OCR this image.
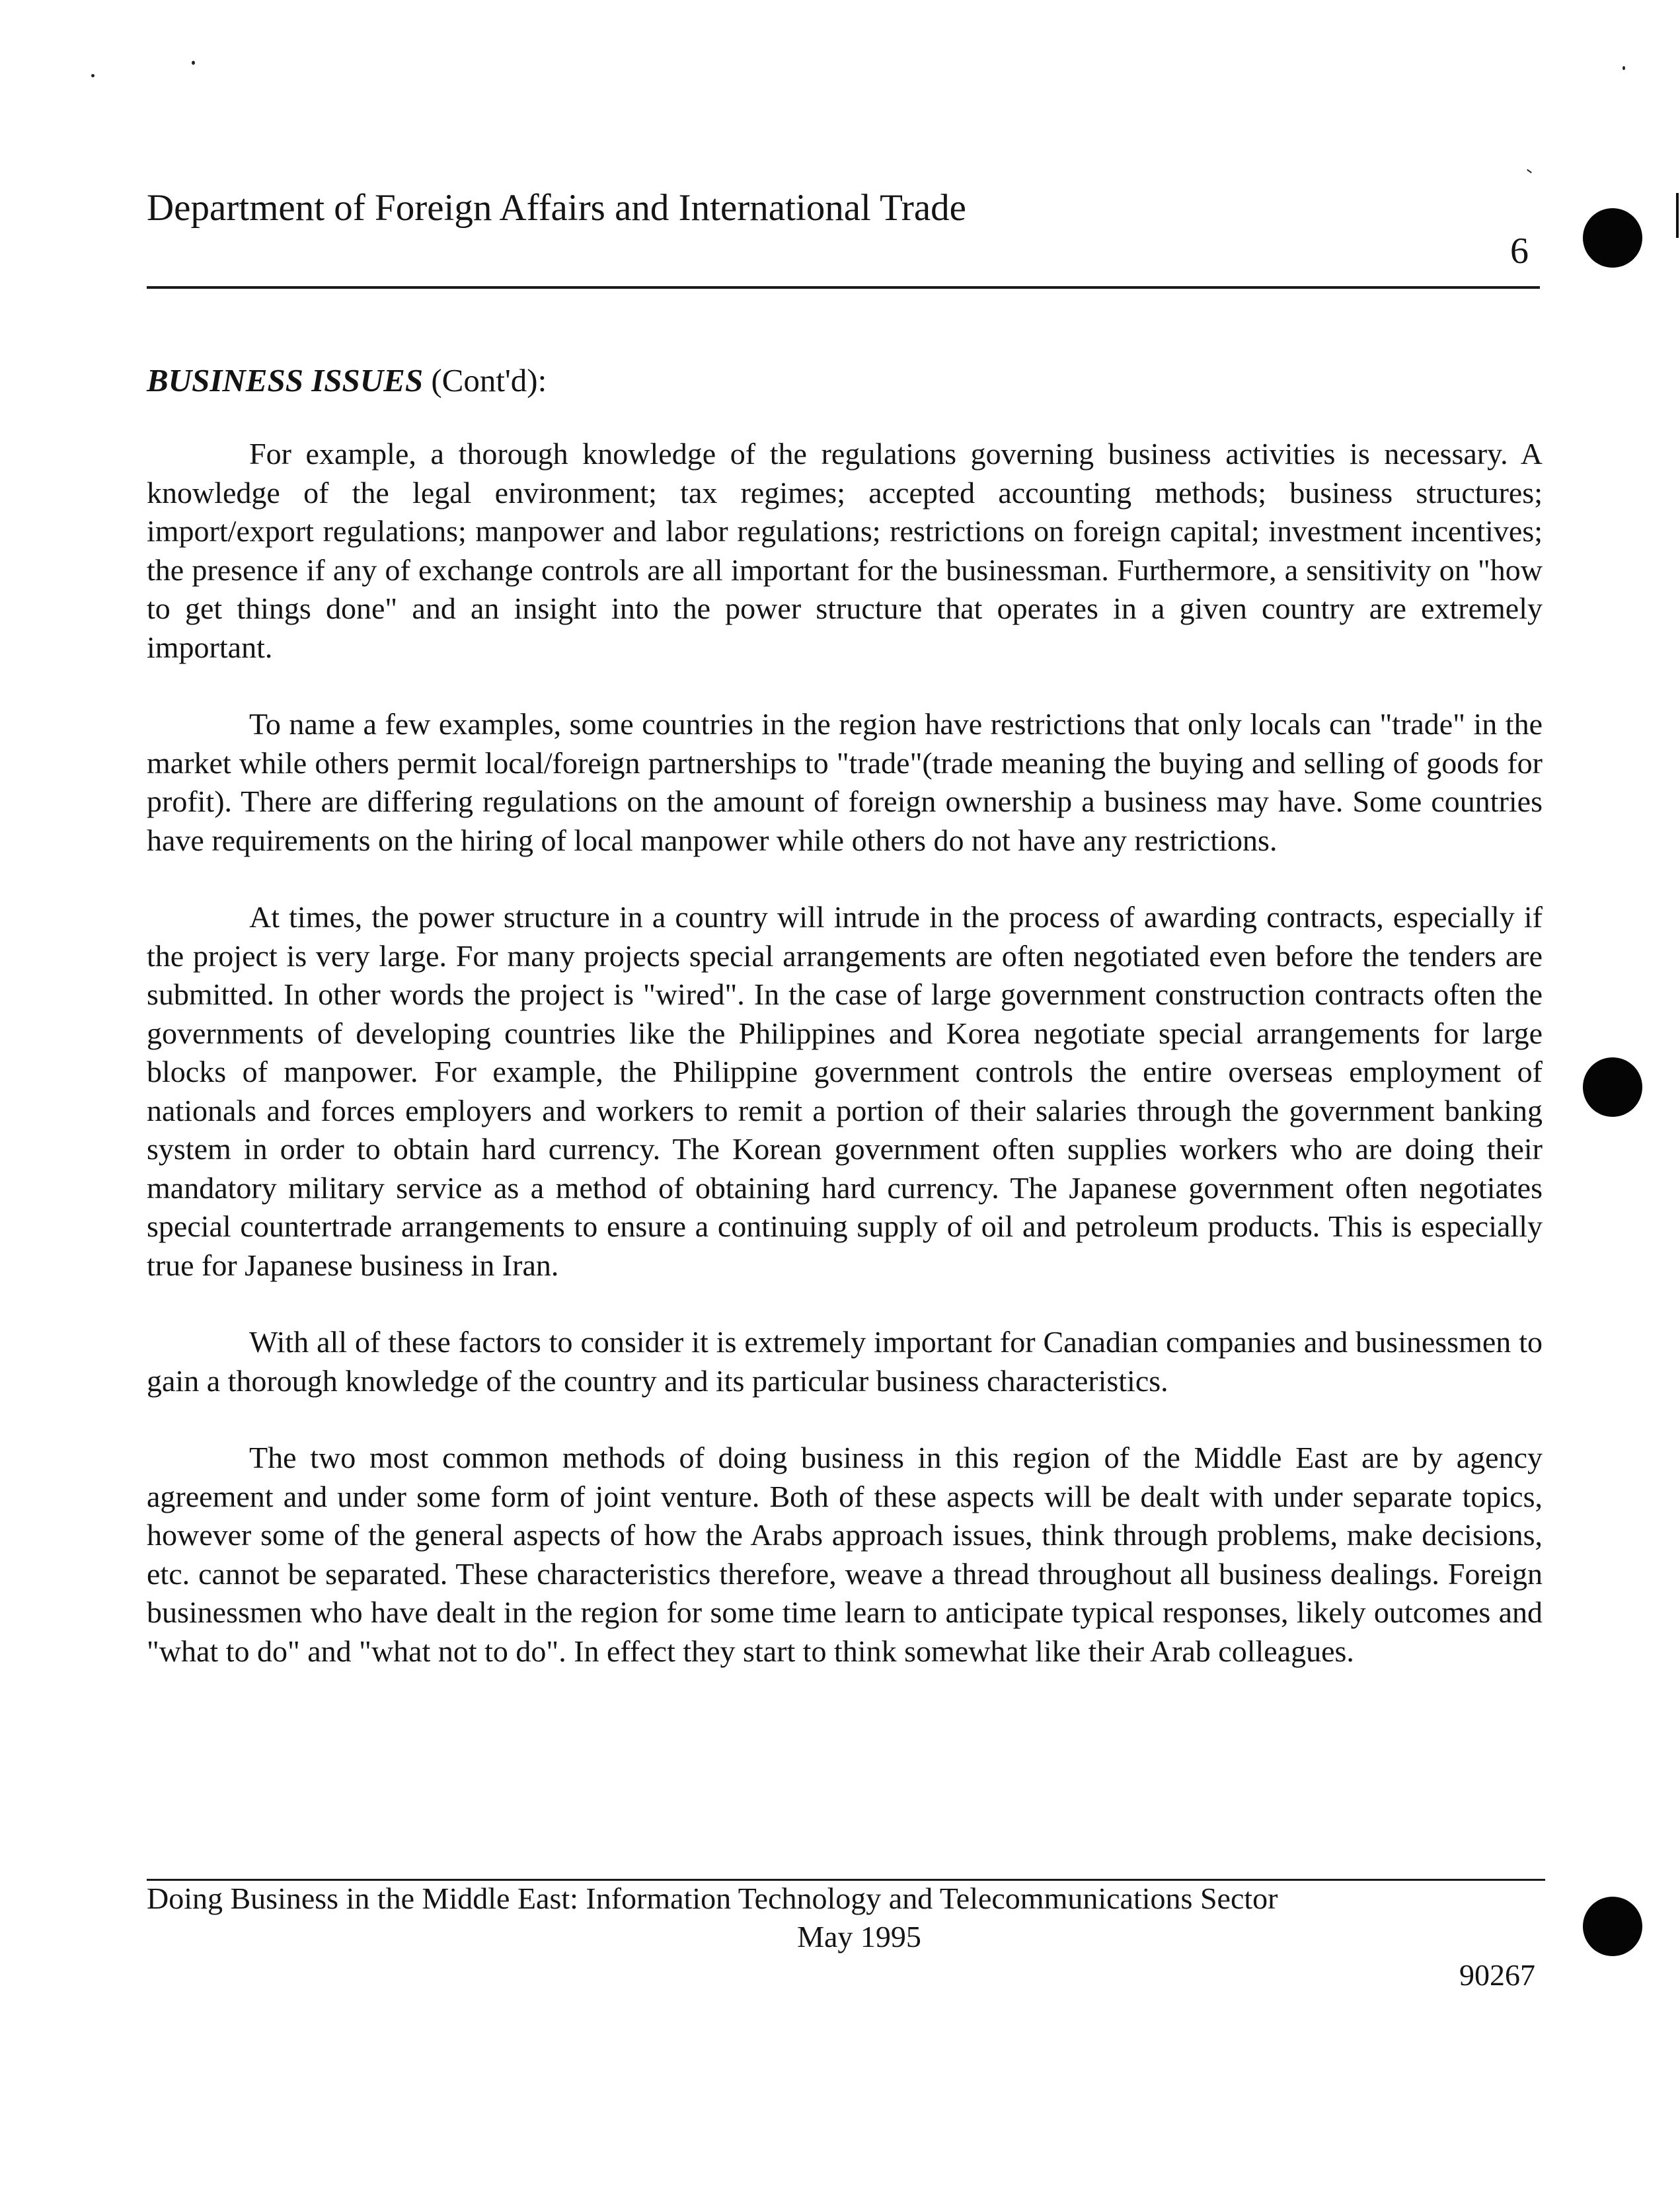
Department of Foreign Affairs and International Trade
6
BUSINESS ISSUES (Cont'd):

For example, a thorough knowledge of the regulations governing business activities is necessary. A knowledge of the legal environment; tax regimes; accepted accounting methods; business structures; import/export regulations; manpower and labor regulations; restrictions on foreign capital; investment incentives; the presence if any of exchange controls are all important for the businessman. Furthermore, a sensitivity on "how to get things done" and an insight into the power structure that operates in a given country are extremely important.

To name a few examples, some countries in the region have restrictions that only locals can "trade" in the market while others permit local/foreign partnerships to "trade"(trade meaning the buying and selling of goods for profit). There are differing regulations on the amount of foreign ownership a business may have. Some countries have requirements on the hiring of local manpower while others do not have any restrictions.

At times, the power structure in a country will intrude in the process of awarding contracts, especially if the project is very large. For many projects special arrangements are often negotiated even before the tenders are submitted. In other words the project is "wired". In the case of large government construction contracts often the governments of developing countries like the Philippines and Korea negotiate special arrangements for large blocks of manpower. For example, the Philippine government controls the entire overseas employment of nationals and forces employers and workers to remit a portion of their salaries through the government banking system in order to obtain hard currency. The Korean government often supplies workers who are doing their mandatory military service as a method of obtaining hard currency. The Japanese government often negotiates special countertrade arrangements to ensure a continuing supply of oil and petroleum products. This is especially true for Japanese business in Iran.

With all of these factors to consider it is extremely important for Canadian companies and businessmen to gain a thorough knowledge of the country and its particular business characteristics.

The two most common methods of doing business in this region of the Middle East are by agency agreement and under some form of joint venture. Both of these aspects will be dealt with under separate topics, however some of the general aspects of how the Arabs approach issues, think through problems, make decisions, etc. cannot be separated. These characteristics therefore, weave a thread throughout all business dealings. Foreign businessmen who have dealt in the region for some time learn to anticipate typical responses, likely outcomes and "what to do" and "what not to do". In effect they start to think somewhat like their Arab colleagues.

Doing Business in the Middle East: Information Technology and Telecommunications Sector
May 1995
90267
